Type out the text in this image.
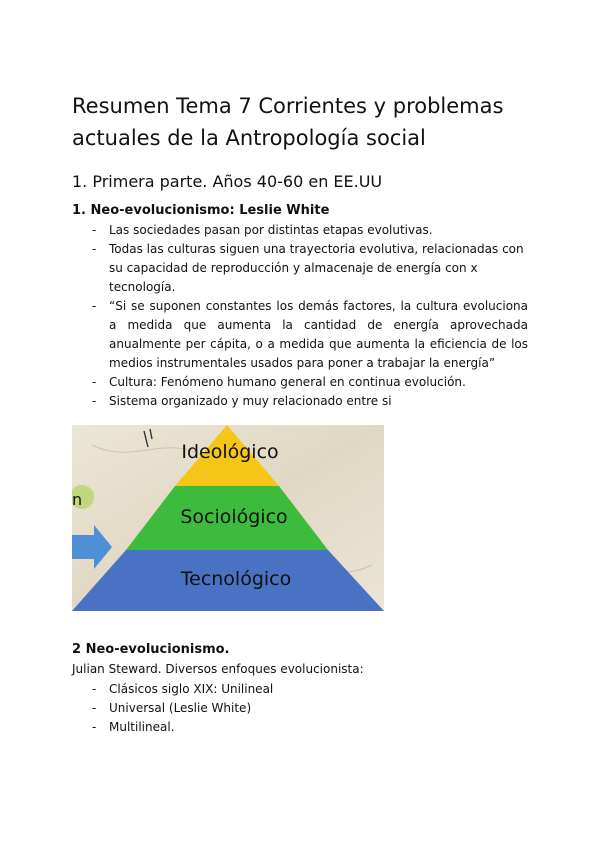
Resumen Tema 7 Corrientes y problemas actuales de la Antropología social
1. Primera parte. Años 40-60 en EE.UU
1. Neo-evolucionismo: Leslie White
- Las sociedades pasan por distintas etapas evolutivas.
- Todas las culturas siguen una trayectoria evolutiva, relacionadas con su capacidad de reproducción y almacenaje de energía con x tecnología.
- “Si se suponen constantes los demás factores, la cultura evoluciona a medida que aumenta la cantidad de energía aprovechada anualmente per cápita, o a medida que aumenta la eficiencia de los medios instrumentales usados para poner a trabajar la energía”
- Cultura: Fenómeno humano general en continua evolución.
- Sistema organizado y muy relacionado entre si
n
Ideológico
Sociológico
Tecnológico
2 Neo-evolucionismo.

Julian Steward. Diversos enfoques evolucionista:

- Clásicos siglo XIX: Unilineal
- Universal (Leslie White)
- Multilineal.
